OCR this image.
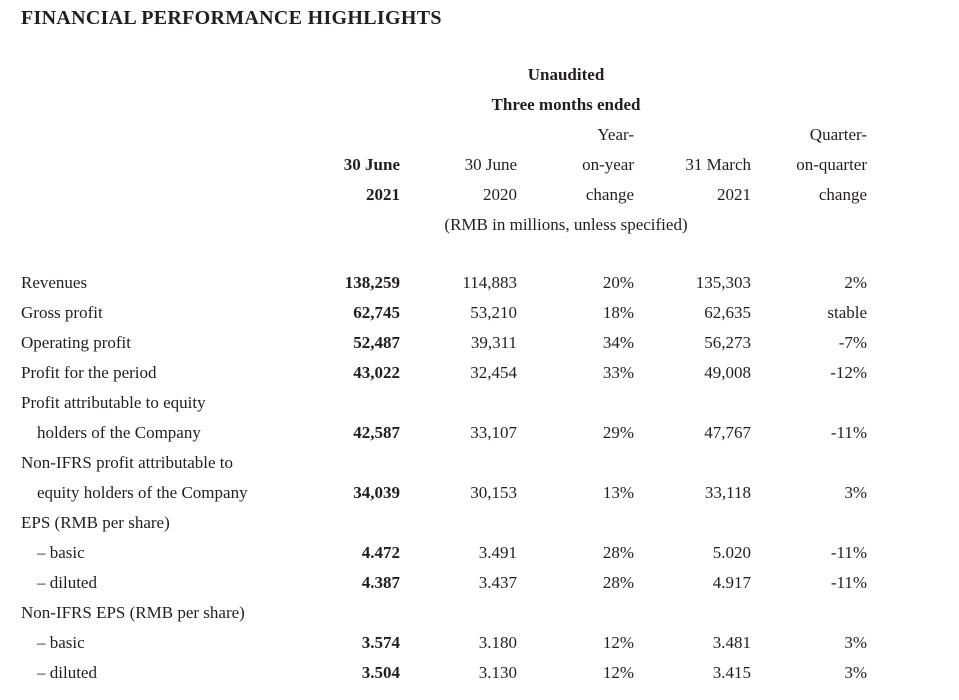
FINANCIAL PERFORMANCE HIGHLIGHTS
	Unaudited				
	Three months ended				
			Year-		Quarter-
	30 June	30 June	on-year	31 March	on-quarter
	2021	2020	change	2021	change
	(RMB in millions, unless specified)				

Revenues	138,259	114,883	20%	135,303	2%
Gross profit	62,745	53,210	18%	62,635	stable
Operating profit	52,487	39,311	34%	56,273	-7%
Profit for the period	43,022	32,454	33%	49,008	-12%
Profit attributable to equity					
holders of the Company	42,587	33,107	29%	47,767	-11%
Non-IFRS profit attributable to					
equity holders of the Company	34,039	30,153	13%	33,118	3%
EPS (RMB per share)					
– basic	4.472	3.491	28%	5.020	-11%
– diluted	4.387	3.437	28%	4.917	-11%
Non-IFRS EPS (RMB per share)					
– basic	3.574	3.180	12%	3.481	3%
– diluted	3.504	3.130	12%	3.415	3%
